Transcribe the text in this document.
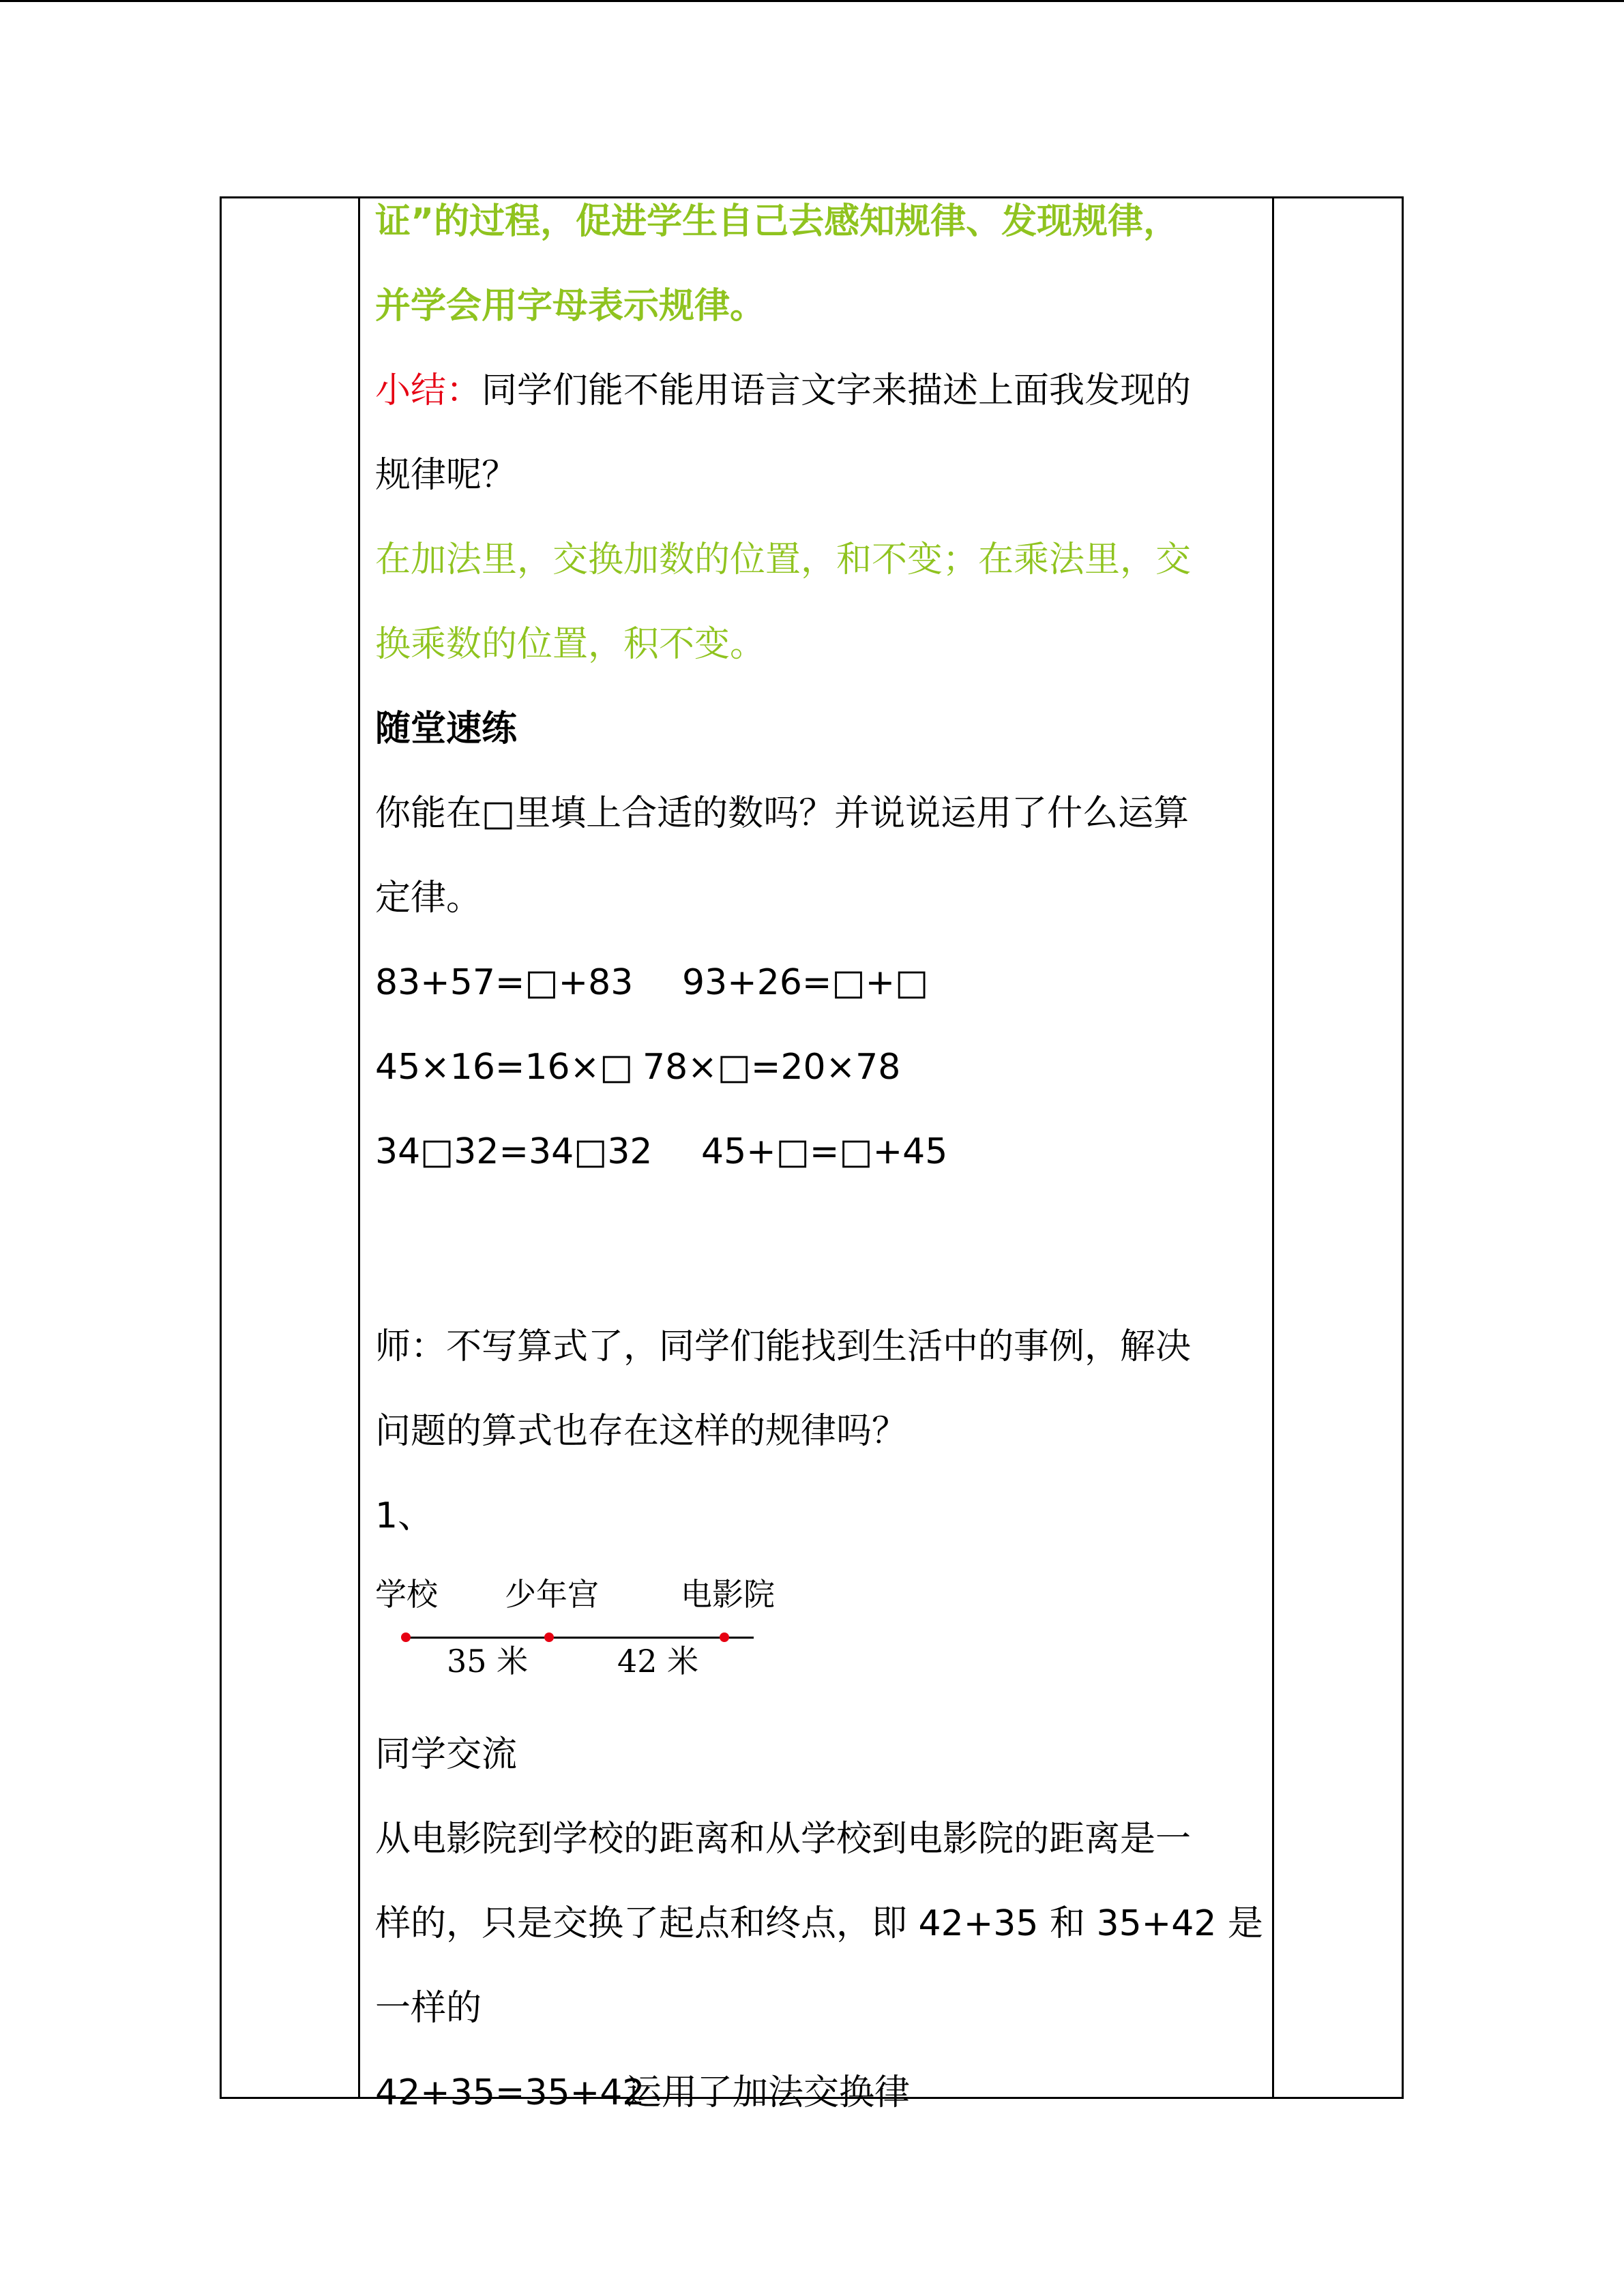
证”的过程，促进学生自己去感知规律、发现规律，
并学会用字母表示规律。
小结：同学们能不能用语言文字来描述上面我发现的
规律呢？
在加法里，交换加数的位置，和不变；在乘法里，交
换乘数的位置，积不变。
随堂速练
你能在□里填上合适的数吗？并说说运用了什么运算
定律。
83+57=□+83 93+26=□+□
45×16=16×□ 78×□=20×78
34□32=34□32 45+□=□+45
师：不写算式了，同学们能找到生活中的事例，解决
问题的算式也存在这样的规律吗？
1、
学校 少年宫	电影院
35 米	42 米
同学交流
从电影院到学校的距离和从学校到电影院的距离是一
样的，只是交换了起点和终点，即 42+35 和 35+42 是
一样的
42+35=35+42运用了加法交换律
